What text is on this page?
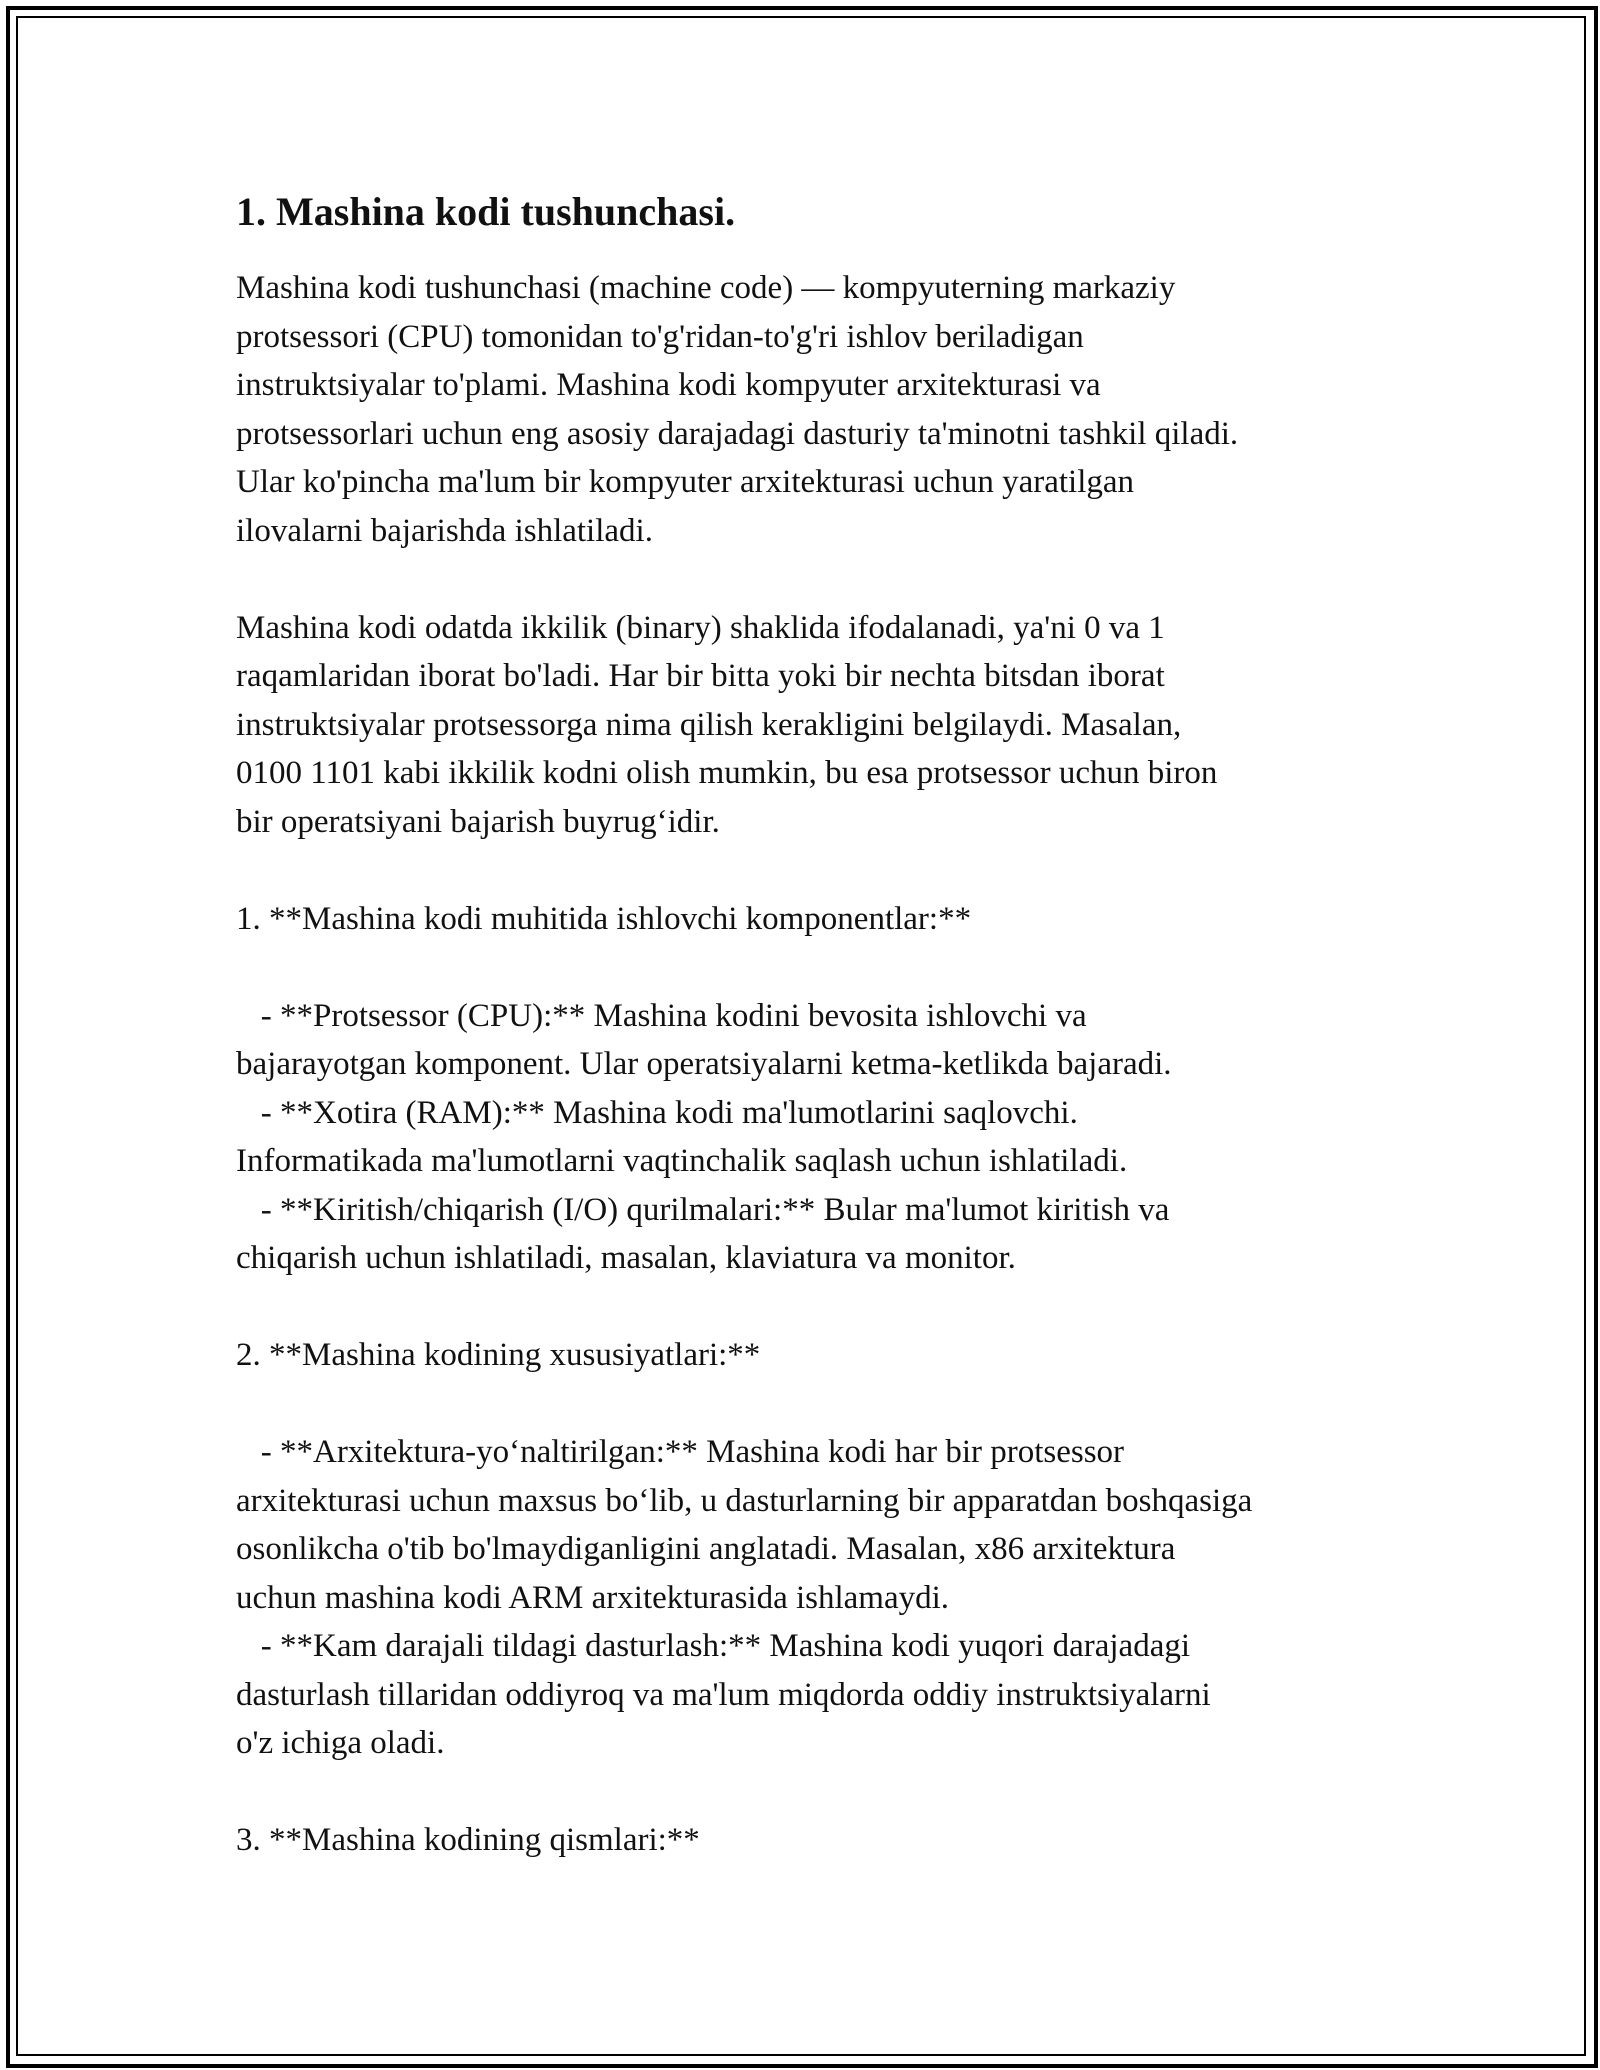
1. Mashina kodi tushunchasi.

Mashina kodi tushunchasi (machine code) — kompyuterning markaziy
protsessori (CPU) tomonidan to'g'ridan-to'g'ri ishlov beriladigan
instruktsiyalar to'plami. Mashina kodi kompyuter arxitekturasi va
protsessorlari uchun eng asosiy darajadagi dasturiy ta'minotni tashkil qiladi.
Ular ko'pincha ma'lum bir kompyuter arxitekturasi uchun yaratilgan
ilovalarni bajarishda ishlatiladi.

Mashina kodi odatda ikkilik (binary) shaklida ifodalanadi, ya'ni 0 va 1
raqamlaridan iborat bo'ladi. Har bir bitta yoki bir nechta bitsdan iborat
instruktsiyalar protsessorga nima qilish kerakligini belgilaydi. Masalan,
0100 1101 kabi ikkilik kodni olish mumkin, bu esa protsessor uchun biron
bir operatsiyani bajarish buyrug‘idir.

1. **Mashina kodi muhitida ishlovchi komponentlar:**

- **Protsessor (CPU):** Mashina kodini bevosita ishlovchi va
bajarayotgan komponent. Ular operatsiyalarni ketma-ketlikda bajaradi.
- **Xotira (RAM):** Mashina kodi ma'lumotlarini saqlovchi.
Informatikada ma'lumotlarni vaqtinchalik saqlash uchun ishlatiladi.
- **Kiritish/chiqarish (I/O) qurilmalari:** Bular ma'lumot kiritish va
chiqarish uchun ishlatiladi, masalan, klaviatura va monitor.

2. **Mashina kodining xususiyatlari:**

- **Arxitektura-yo‘naltirilgan:** Mashina kodi har bir protsessor
arxitekturasi uchun maxsus bo‘lib, u dasturlarning bir apparatdan boshqasiga
osonlikcha o'tib bo'lmaydiganligini anglatadi. Masalan, x86 arxitektura
uchun mashina kodi ARM arxitekturasida ishlamaydi.
- **Kam darajali tildagi dasturlash:** Mashina kodi yuqori darajadagi
dasturlash tillaridan oddiyroq va ma'lum miqdorda oddiy instruktsiyalarni
o'z ichiga oladi.

3. **Mashina kodining qismlari:**
